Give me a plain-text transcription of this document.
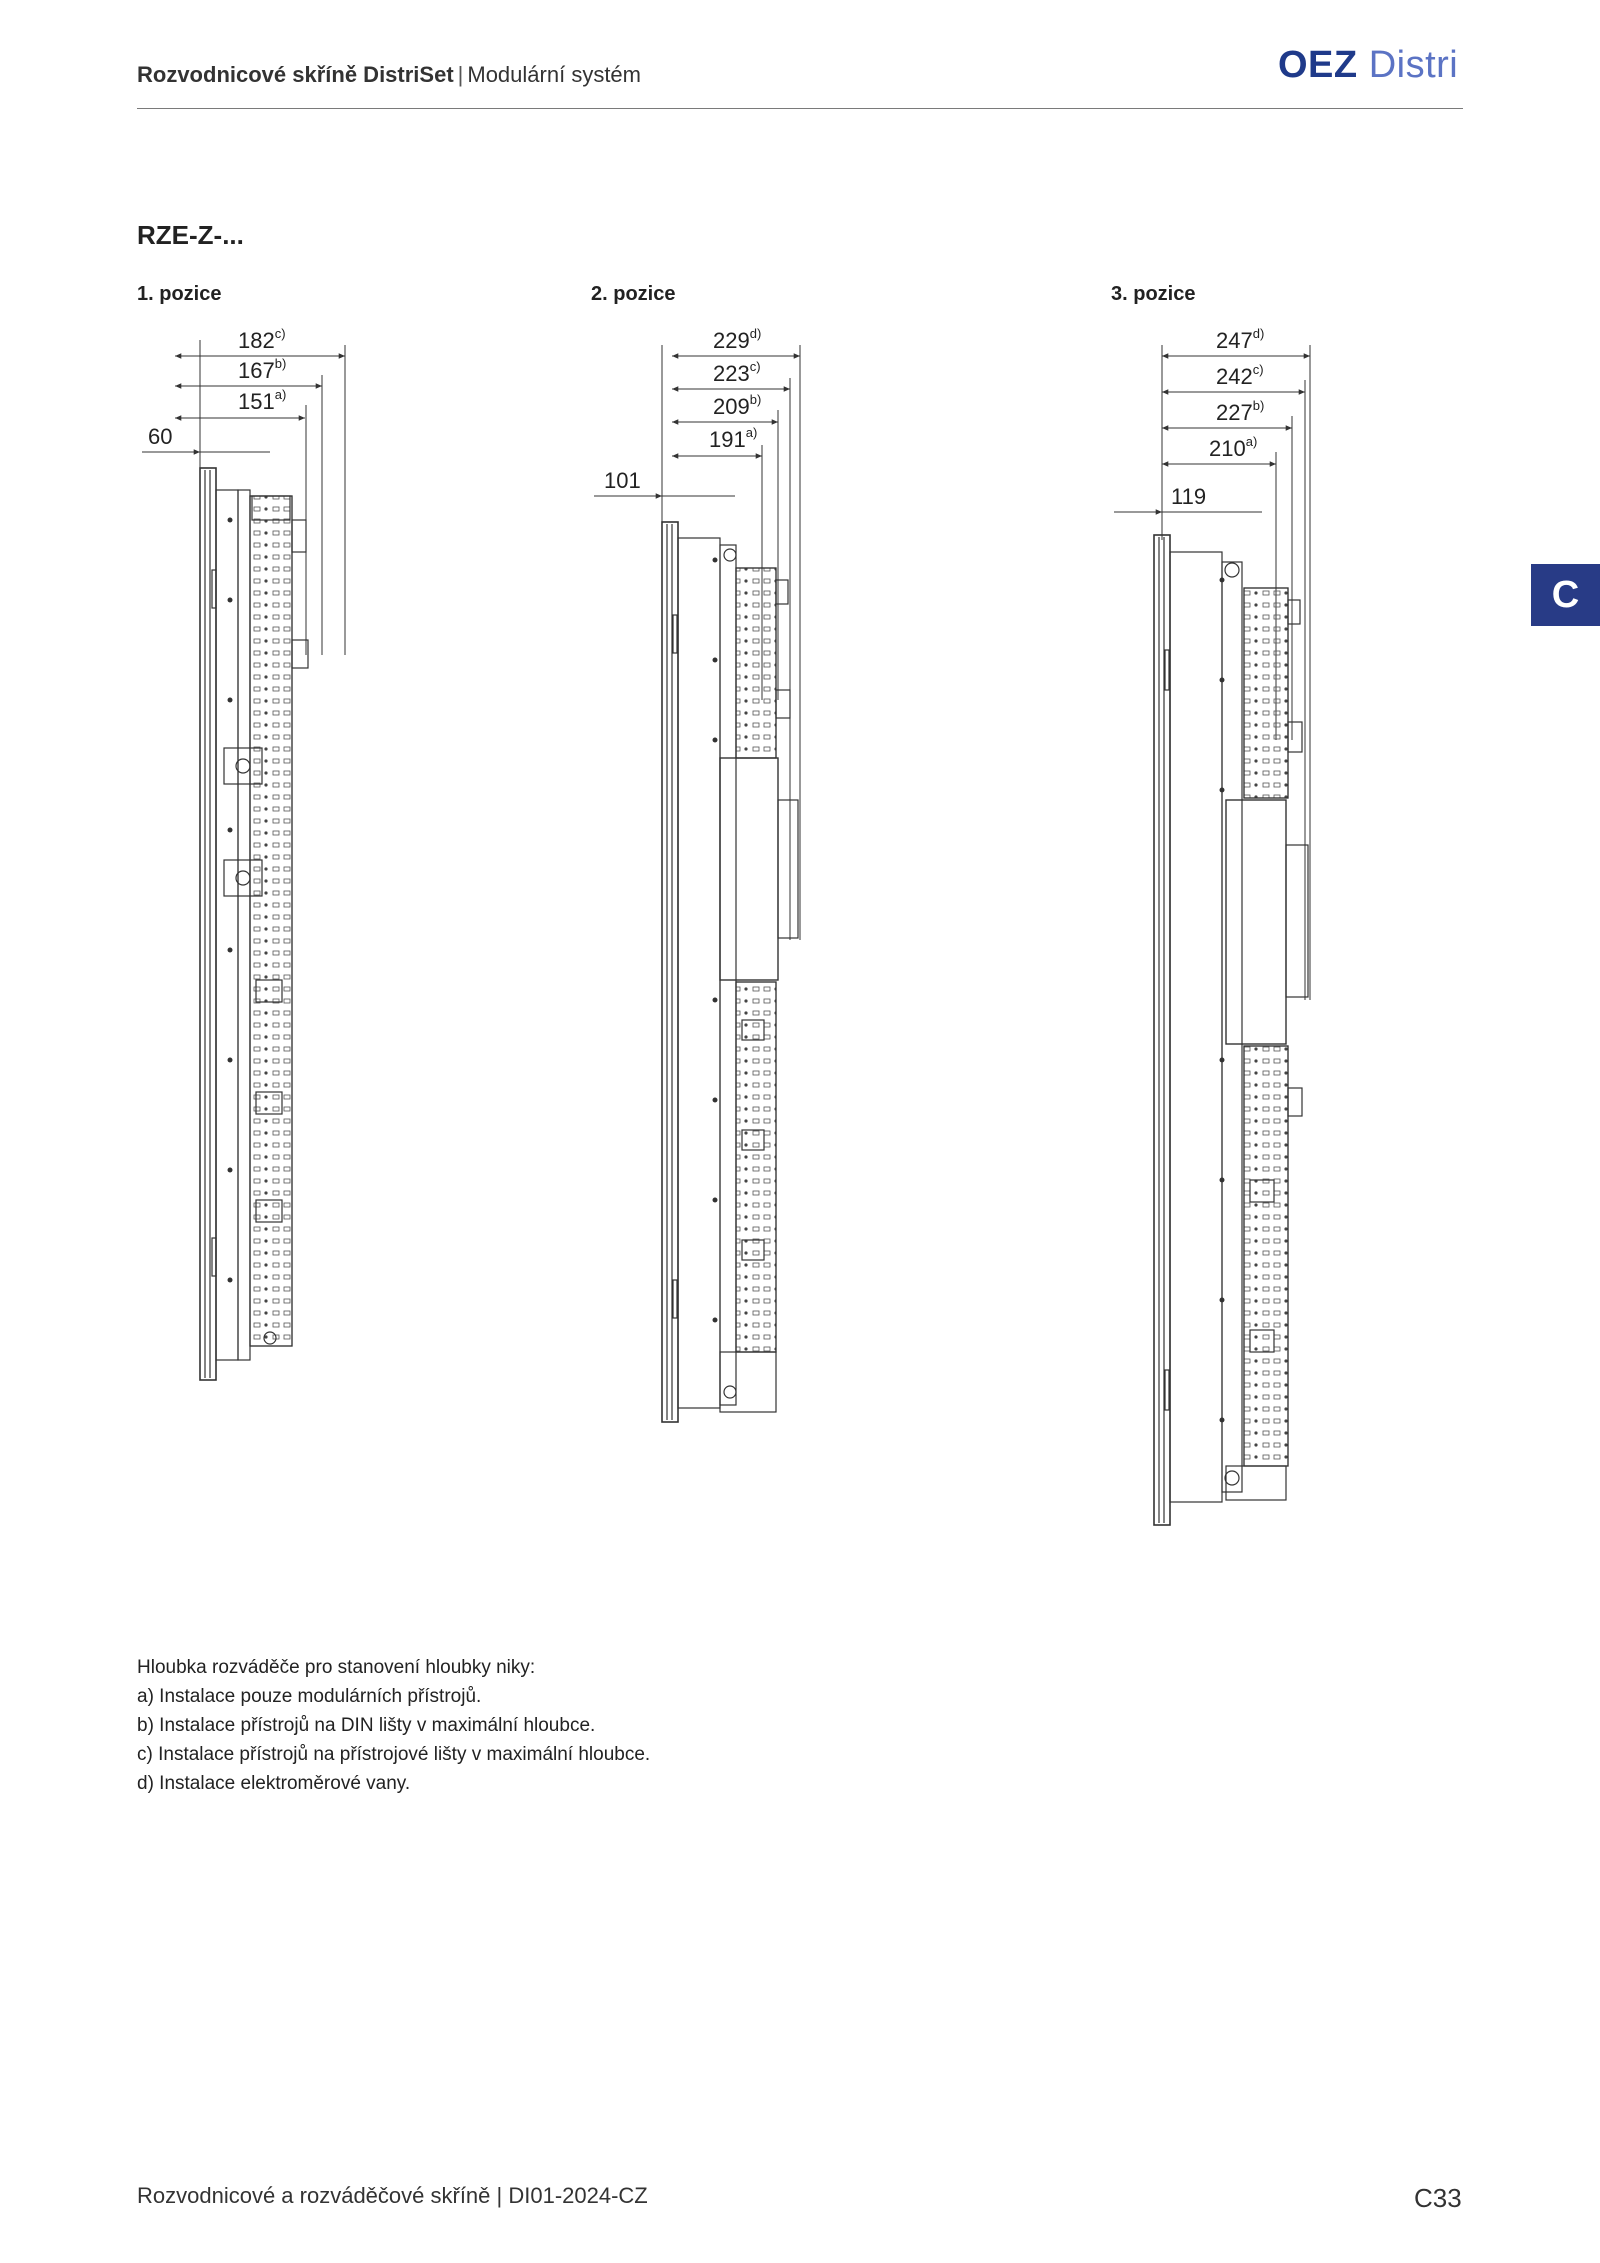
Rozvodnicové skříně DistriSet | Modulární systém	OEZ Distri
C
RZE-Z-...
1. pozice	2. pozice	3. pozice
182$^{c)}$
167$^{b)}$
151$^{a)}$
60
229$^{d)}$
223$^{c)}$
209$^{b)}$
191$^{a)}$
101
247$^{d)}$
242$^{c)}$
227$^{b)}$
210$^{a)}$
119
Hloubka rozváděče pro stanovení hloubky niky:
a) Instalace pouze modulárních přístrojů.
b) Instalace přístrojů na DIN lišty v maximální hloubce.
c) Instalace přístrojů na přístrojové lišty v maximální hloubce.
d) Instalace elektroměrové vany.
Rozvodnicové a rozváděčové skříně | DI01-2024-CZ	C33
